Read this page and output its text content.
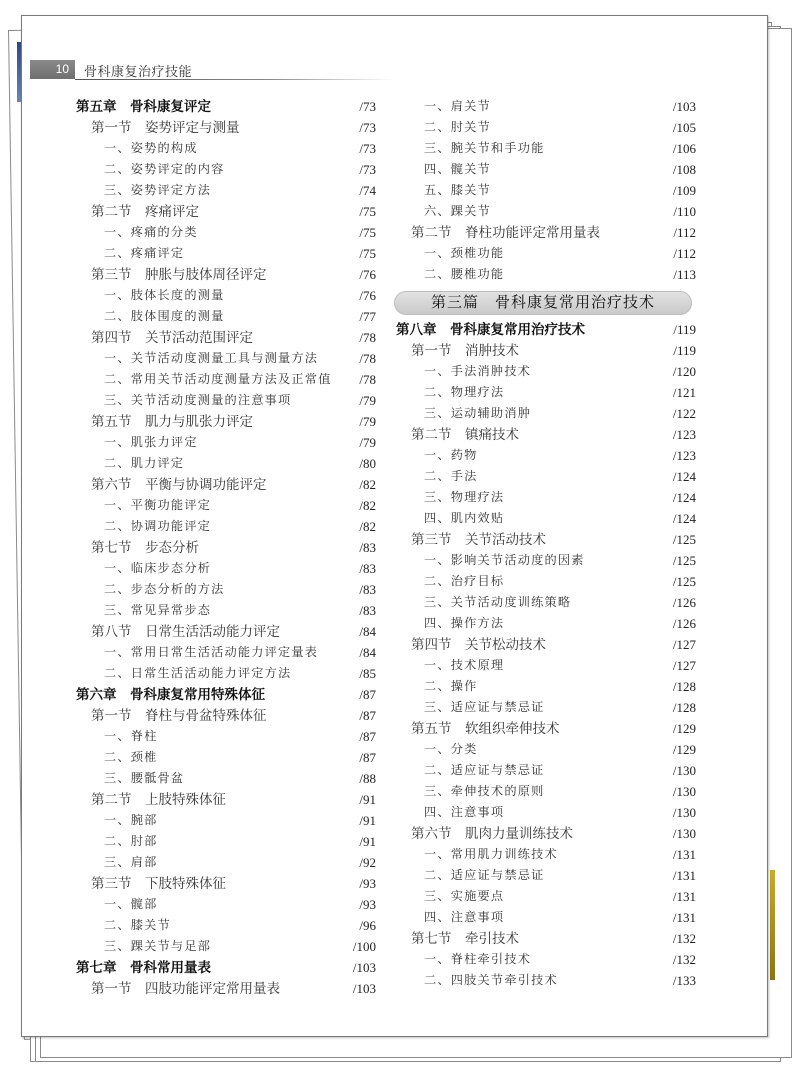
10	骨科康复治疗技能
第五章　骨科康复评定	/73
第一节　姿势评定与测量	/73
一、姿势的构成	/73
二、姿势评定的内容	/73
三、姿势评定方法	/74
第二节　疼痛评定	/75
一、疼痛的分类	/75
二、疼痛评定	/75
第三节　肿胀与肢体周径评定	/76
一、肢体长度的测量	/76
二、肢体围度的测量	/77
第四节　关节活动范围评定	/78
一、关节活动度测量工具与测量方法	/78
二、常用关节活动度测量方法及正常值 /78
三、关节活动度测量的注意事项	/79
第五节　肌力与肌张力评定	/79
一、肌张力评定	/79
二、肌力评定	/80
第六节　平衡与协调功能评定	/82
一、平衡功能评定	/82
二、协调功能评定	/82
第七节　步态分析	/83
一、临床步态分析	/83
二、步态分析的方法	/83
三、常见异常步态	/83
第八节　日常生活活动能力评定	/84
一、常用日常生活活动能力评定量表	/84
二、日常生活活动能力评定方法	/85
第六章　骨科康复常用特殊体征	/87
第一节　脊柱与骨盆特殊体征	/87
一、脊柱	/87
二、颈椎	/87
三、腰骶骨盆	/88
第二节　上肢特殊体征	/91
一、腕部	/91
二、肘部	/91
三、肩部	/92
第三节　下肢特殊体征	/93
一、髋部	/93
二、膝关节	/96
三、踝关节与足部	/100
第七章　骨科常用量表	/103
第一节　四肢功能评定常用量表	/103
一、肩关节	/103
二、肘关节	/105
三、腕关节和手功能	/106
四、髋关节	/108
五、膝关节	/109
六、踝关节	/110
第二节　脊柱功能评定常用量表	/112
一、颈椎功能	/112
二、腰椎功能	/113
第三篇　骨科康复常用治疗技术
第八章　骨科康复常用治疗技术	/119
第一节　消肿技术	/119
一、手法消肿技术	/120
二、物理疗法	/121
三、运动辅助消肿	/122
第二节　镇痛技术	/123
一、药物	/123
二、手法	/124
三、物理疗法	/124
四、肌内效贴	/124
第三节　关节活动技术	/125
一、影响关节活动度的因素	/125
二、治疗目标	/125
三、关节活动度训练策略	/126
四、操作方法	/126
第四节　关节松动技术	/127
一、技术原理	/127
二、操作	/128
三、适应证与禁忌证	/128
第五节　软组织牵伸技术	/129
一、分类	/129
二、适应证与禁忌证	/130
三、牵伸技术的原则	/130
四、注意事项	/130
第六节　肌肉力量训练技术	/130
一、常用肌力训练技术	/131
二、适应证与禁忌证	/131
三、实施要点	/131
四、注意事项	/131
第七节　牵引技术	/132
一、脊柱牵引技术	/132
二、四肢关节牵引技术	/133
